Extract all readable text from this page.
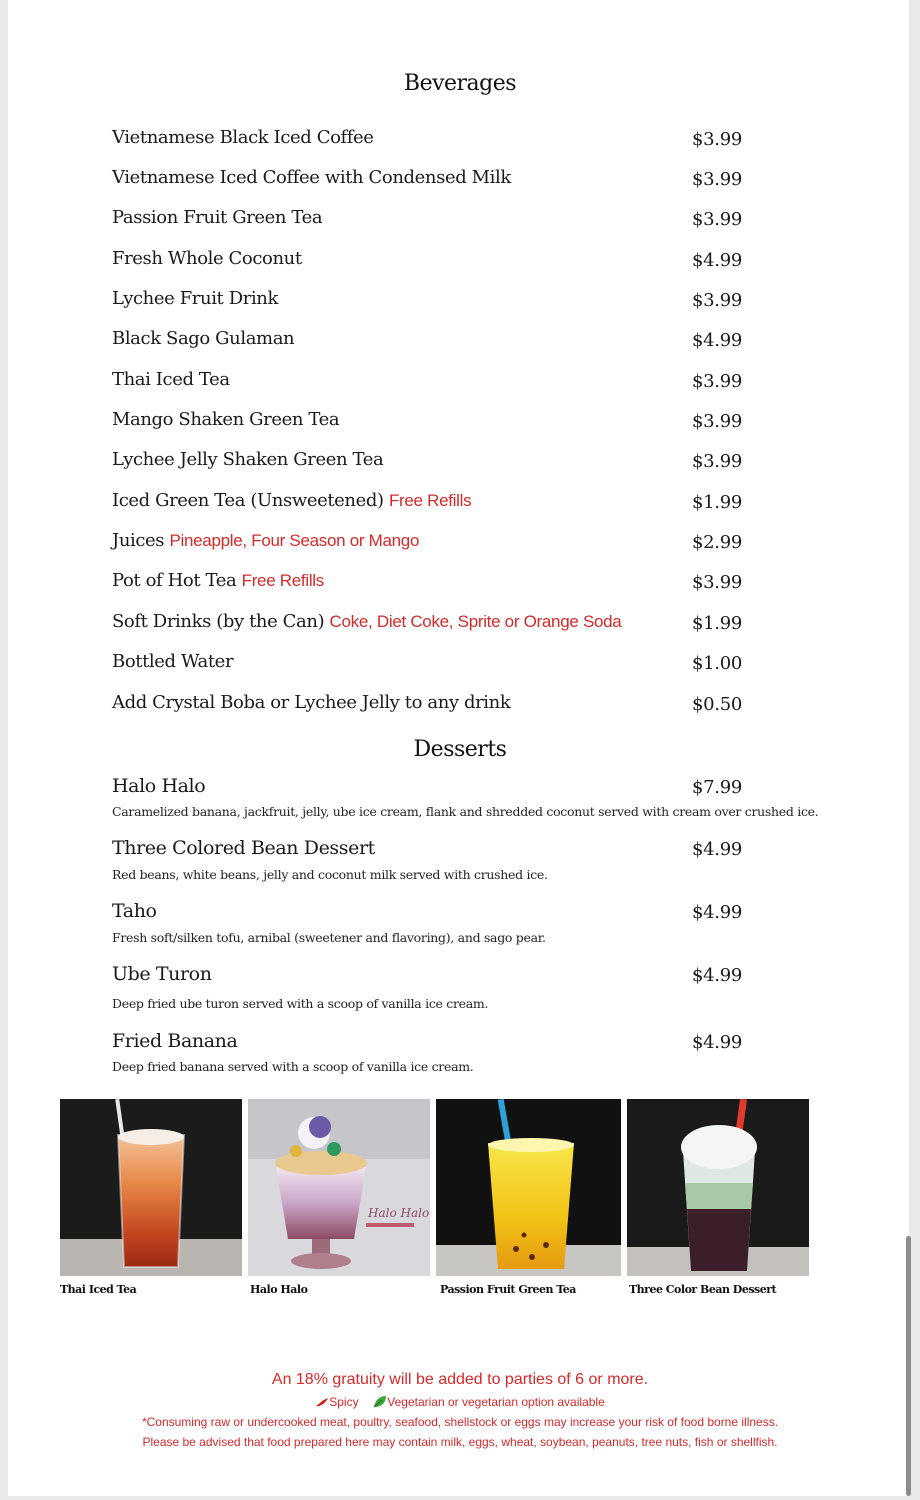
Beverages
Vietnamese Black Iced Coffee	$3.99
Vietnamese Iced Coffee with Condensed Milk	$3.99
Passion Fruit Green Tea	$3.99
Fresh Whole Coconut	$4.99
Lychee Fruit Drink	$3.99
Black Sago Gulaman	$4.99
Thai Iced Tea	$3.99
Mango Shaken Green Tea	$3.99
Lychee Jelly Shaken Green Tea	$3.99
Iced Green Tea (Unsweetened) Free Refills	$1.99
Juices Pineapple, Four Season or Mango	$2.99
Pot of Hot Tea Free Refills	$3.99
Soft Drinks (by the Can) Coke, Diet Coke, Sprite or Orange Soda	$1.99
Bottled Water	$1.00
Add Crystal Boba or Lychee Jelly to any drink	$0.50
Desserts
Halo Halo	$7.99
Caramelized banana, jackfruit, jelly, ube ice cream, flank and shredded coconut served with cream over crushed ice.
Three Colored Bean Dessert	$4.99
Red beans, white beans, jelly and coconut milk served with crushed ice.
Taho	$4.99
Fresh soft/silken tofu, arnibal (sweetener and flavoring), and sago pear.
Ube Turon	$4.99
Deep fried ube turon served with a scoop of vanilla ice cream.
Fried Banana	$4.99
Deep fried banana served with a scoop of vanilla ice cream.
Halo Halo
Thai Iced Tea	Halo Halo	Passion Fruit Green Tea	Three Color Bean Dessert
An 18% gratuity will be added to parties of 6 or more.
Spicy Vegetarian or vegetarian option available
*Consuming raw or undercooked meat, poultry, seafood, shellstock or eggs may increase your risk of food borne illness.
Please be advised that food prepared here may contain milk, eggs, wheat, soybean, peanuts, tree nuts, fish or shellfish.
